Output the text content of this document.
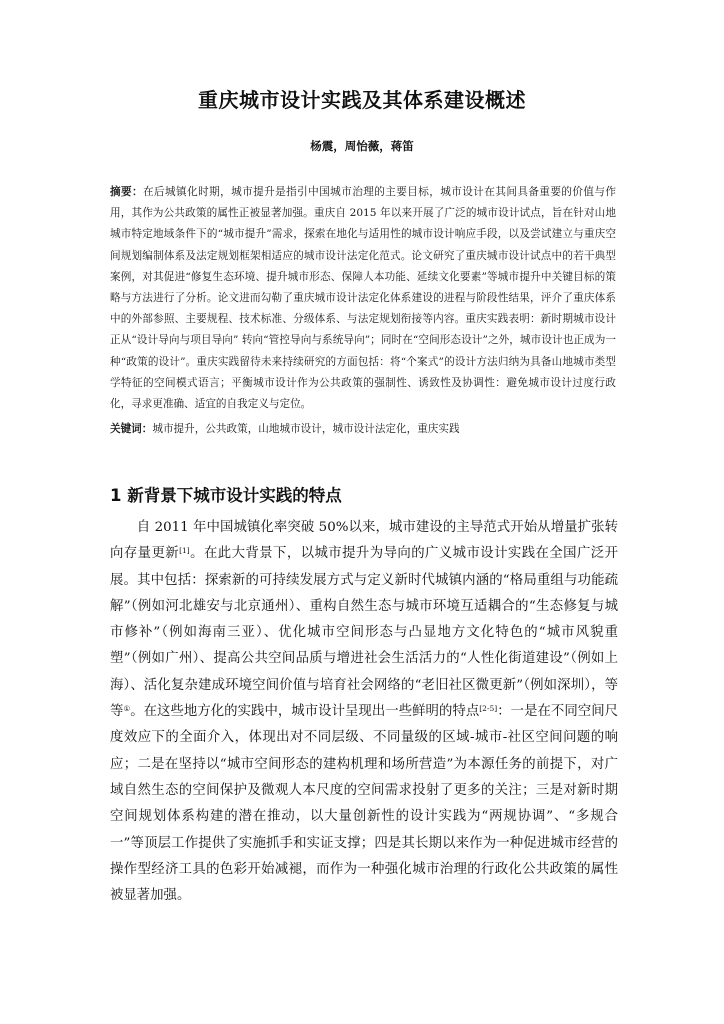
重庆城市设计实践及其体系建设概述

杨震，周怡薇，蒋笛

摘要：在后城镇化时期，城市提升是指引中国城市治理的主要目标，城市设计在其间具备重要的价值与作用，其作为公共政策的属性正被显著加强。重庆自 2015 年以来开展了广泛的城市设计试点，旨在针对山地城市特定地域条件下的“城市提升”需求，探索在地化与适用性的城市设计响应手段，以及尝试建立与重庆空间规划编制体系及法定规划框架相适应的城市设计法定化范式。论文研究了重庆城市设计试点中的若干典型案例，对其促进“修复生态环境、提升城市形态、保障人本功能、延续文化要素”等城市提升中关键目标的策略与方法进行了分析。论文进而勾勒了重庆城市设计法定化体系建设的进程与阶段性结果，评介了重庆体系中的外部参照、主要规程、技术标准、分级体系、与法定规划衔接等内容。重庆实践表明：新时期城市设计正从“设计导向与项目导向” 转向“管控导向与系统导向”；同时在“空间形态设计”之外，城市设计也正成为一种“政策的设计”。重庆实践留待未来持续研究的方面包括：将“个案式”的设计方法归纳为具备山地城市类型学特征的空间模式语言；平衡城市设计作为公共政策的强制性、诱致性及协调性：避免城市设计过度行政化，寻求更准确、适宜的自我定义与定位。

关键词：城市提升，公共政策，山地城市设计，城市设计法定化，重庆实践

1 新背景下城市设计实践的特点

自 2011 年中国城镇化率突破 50%以来，城市建设的主导范式开始从增量扩张转向存量更新[1]。在此大背景下，以城市提升为导向的广义城市设计实践在全国广泛开展。其中包括：探索新的可持续发展方式与定义新时代城镇内涵的“格局重组与功能疏解”（例如河北雄安与北京通州）、重构自然生态与城市环境互适耦合的“生态修复与城市修补”（例如海南三亚）、优化城市空间形态与凸显地方文化特色的“城市风貌重塑”（例如广州）、提高公共空间品质与增进社会生活活力的“人性化街道建设”（例如上海）、活化复杂建成环境空间价值与培育社会网络的“老旧社区微更新”（例如深圳），等等①。在这些地方化的实践中，城市设计呈现出一些鲜明的特点[2-5]：一是在不同空间尺度效应下的全面介入，体现出对不同层级、不同量级的区域-城市-社区空间问题的响应；二是在坚持以“城市空间形态的建构机理和场所营造”为本源任务的前提下，对广域自然生态的空间保护及微观人本尺度的空间需求投射了更多的关注；三是对新时期空间规划体系构建的潜在推动，以大量创新性的设计实践为“两规协调”、“多规合一”等顶层工作提供了实施抓手和实证支撑；四是其长期以来作为一种促进城市经营的操作型经济工具的色彩开始减褪，而作为一种强化城市治理的行政化公共政策的属性被显著加强。
